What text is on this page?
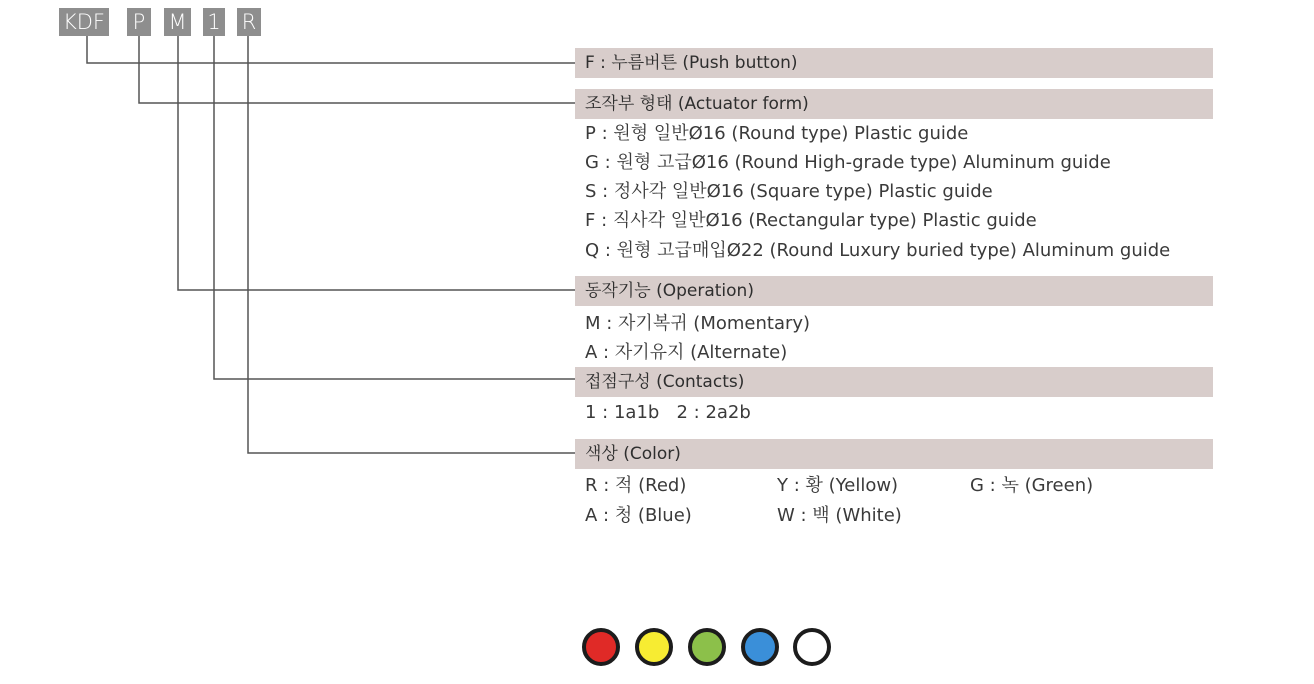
KDF P M 1 R
F : 누름버튼 (Push button)
조작부 형태 (Actuator form)
P : 원형 일반Ø16 (Round type) Plastic guide
G : 원형 고급Ø16 (Round High-grade type) Aluminum guide
S : 정사각 일반Ø16 (Square type) Plastic guide
F : 직사각 일반Ø16 (Rectangular type) Plastic guide
Q : 원형 고급매입Ø22 (Round Luxury buried type) Aluminum guide
동작기능 (Operation)
M : 자기복귀 (Momentary)
A : 자기유지 (Alternate)
접점구성 (Contacts)
1 : 1a1b   2 : 2a2b
색상 (Color)
R : 적 (Red)	Y : 황 (Yellow)	G : 녹 (Green)
A : 청 (Blue)	W : 백 (White)
